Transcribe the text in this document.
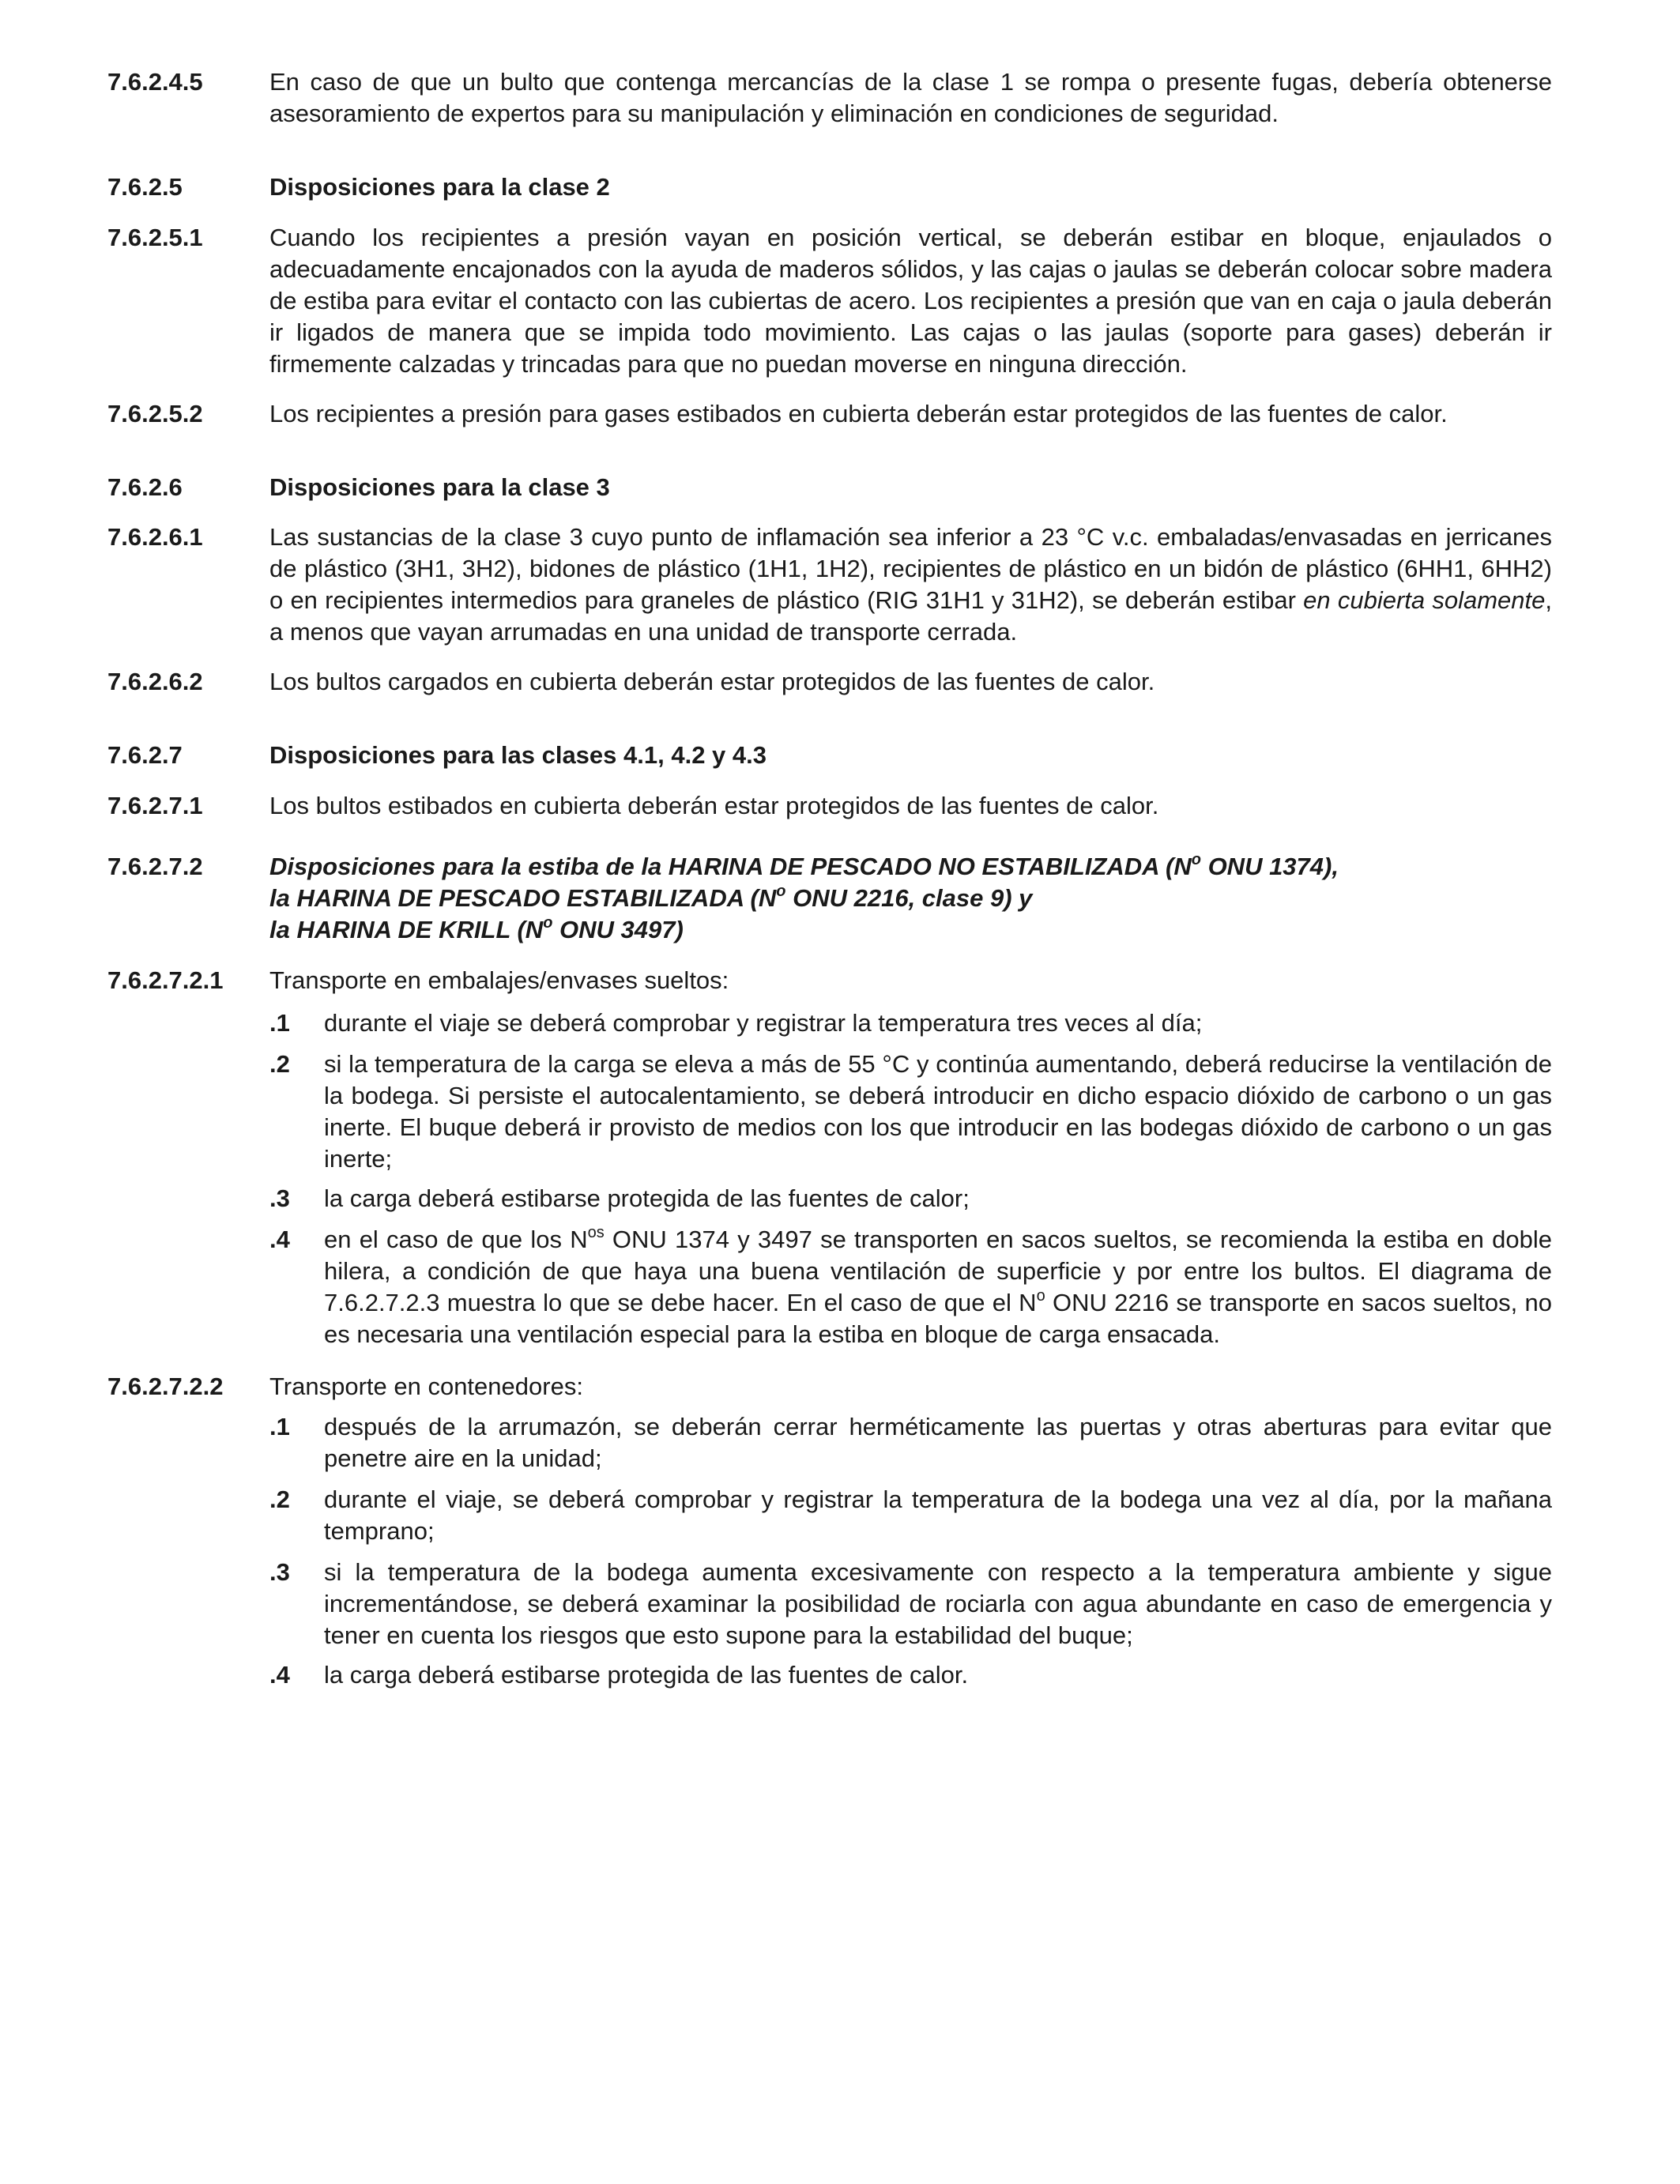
7.6.2.4.5	En caso de que un bulto que contenga mercancías de la clase 1 se rompa o presente fugas, debería obtenerse asesoramiento de expertos para su manipulación y eliminación en condiciones de seguridad.
7.6.2.5	Disposiciones para la clase 2
7.6.2.5.1	Cuando los recipientes a presión vayan en posición vertical, se deberán estibar en bloque, enjaulados o adecuadamente encajonados con la ayuda de maderos sólidos, y las cajas o jaulas se deberán colocar sobre madera de estiba para evitar el contacto con las cubiertas de acero. Los recipientes a presión que van en caja o jaula deberán ir ligados de manera que se impida todo movimiento. Las cajas o las jaulas (soporte para gases) deberán ir firmemente calzadas y trincadas para que no puedan moverse en ninguna dirección.
7.6.2.5.2	Los recipientes a presión para gases estibados en cubierta deberán estar protegidos de las fuentes de calor.
7.6.2.6	Disposiciones para la clase 3
7.6.2.6.1	Las sustancias de la clase 3 cuyo punto de inflamación sea inferior a 23 °C v.c. embaladas/envasadas en jerricanes de plástico (3H1, 3H2), bidones de plástico (1H1, 1H2), recipientes de plástico en un bidón de plástico (6HH1, 6HH2) o en recipientes intermedios para graneles de plástico (RIG 31H1 y 31H2), se deberán estibar en cubierta solamente, a menos que vayan arrumadas en una unidad de transporte cerrada.
7.6.2.6.2	Los bultos cargados en cubierta deberán estar protegidos de las fuentes de calor.
7.6.2.7	Disposiciones para las clases 4.1, 4.2 y 4.3
7.6.2.7.1	Los bultos estibados en cubierta deberán estar protegidos de las fuentes de calor.
7.6.2.7.2	Disposiciones para la estiba de la HARINA DE PESCADO NO ESTABILIZADA ($N^o$ ONU 1374),
la HARINA DE PESCADO ESTABILIZADA ($N^o$ ONU 2216, clase 9) y
la HARINA DE KRILL ($N^o$ ONU 3497)
7.6.2.7.2.1 Transporte en embalajes/envases sueltos:
.1 durante el viaje se deberá comprobar y registrar la temperatura tres veces al día;
.2 si la temperatura de la carga se eleva a más de 55 °C y continúa aumentando, deberá reducirse la ventilación de la bodega. Si persiste el autocalentamiento, se deberá introducir en dicho espacio dióxido de carbono o un gas inerte. El buque deberá ir provisto de medios con los que introducir en las bodegas dióxido de carbono o un gas inerte;
.3 la carga deberá estibarse protegida de las fuentes de calor;
.4 en el caso de que los $N^{os}$ ONU 1374 y 3497 se transporten en sacos sueltos, se recomienda la estiba en doble hilera, a condición de que haya una buena ventilación de superficie y por entre los bultos. El diagrama de 7.6.2.7.2.3 muestra lo que se debe hacer. En el caso de que el $N^o$ ONU 2216 se transporte en sacos sueltos, no es necesaria una ventilación especial para la estiba en bloque de carga ensacada.
7.6.2.7.2.2 Transporte en contenedores:
.1 después de la arrumazón, se deberán cerrar herméticamente las puertas y otras aberturas para evitar que penetre aire en la unidad;
.2 durante el viaje, se deberá comprobar y registrar la temperatura de la bodega una vez al día, por la mañana temprano;
.3 si la temperatura de la bodega aumenta excesivamente con respecto a la temperatura ambiente y sigue incrementándose, se deberá examinar la posibilidad de rociarla con agua abundante en caso de emergencia y tener en cuenta los riesgos que esto supone para la estabilidad del buque;
.4 la carga deberá estibarse protegida de las fuentes de calor.
